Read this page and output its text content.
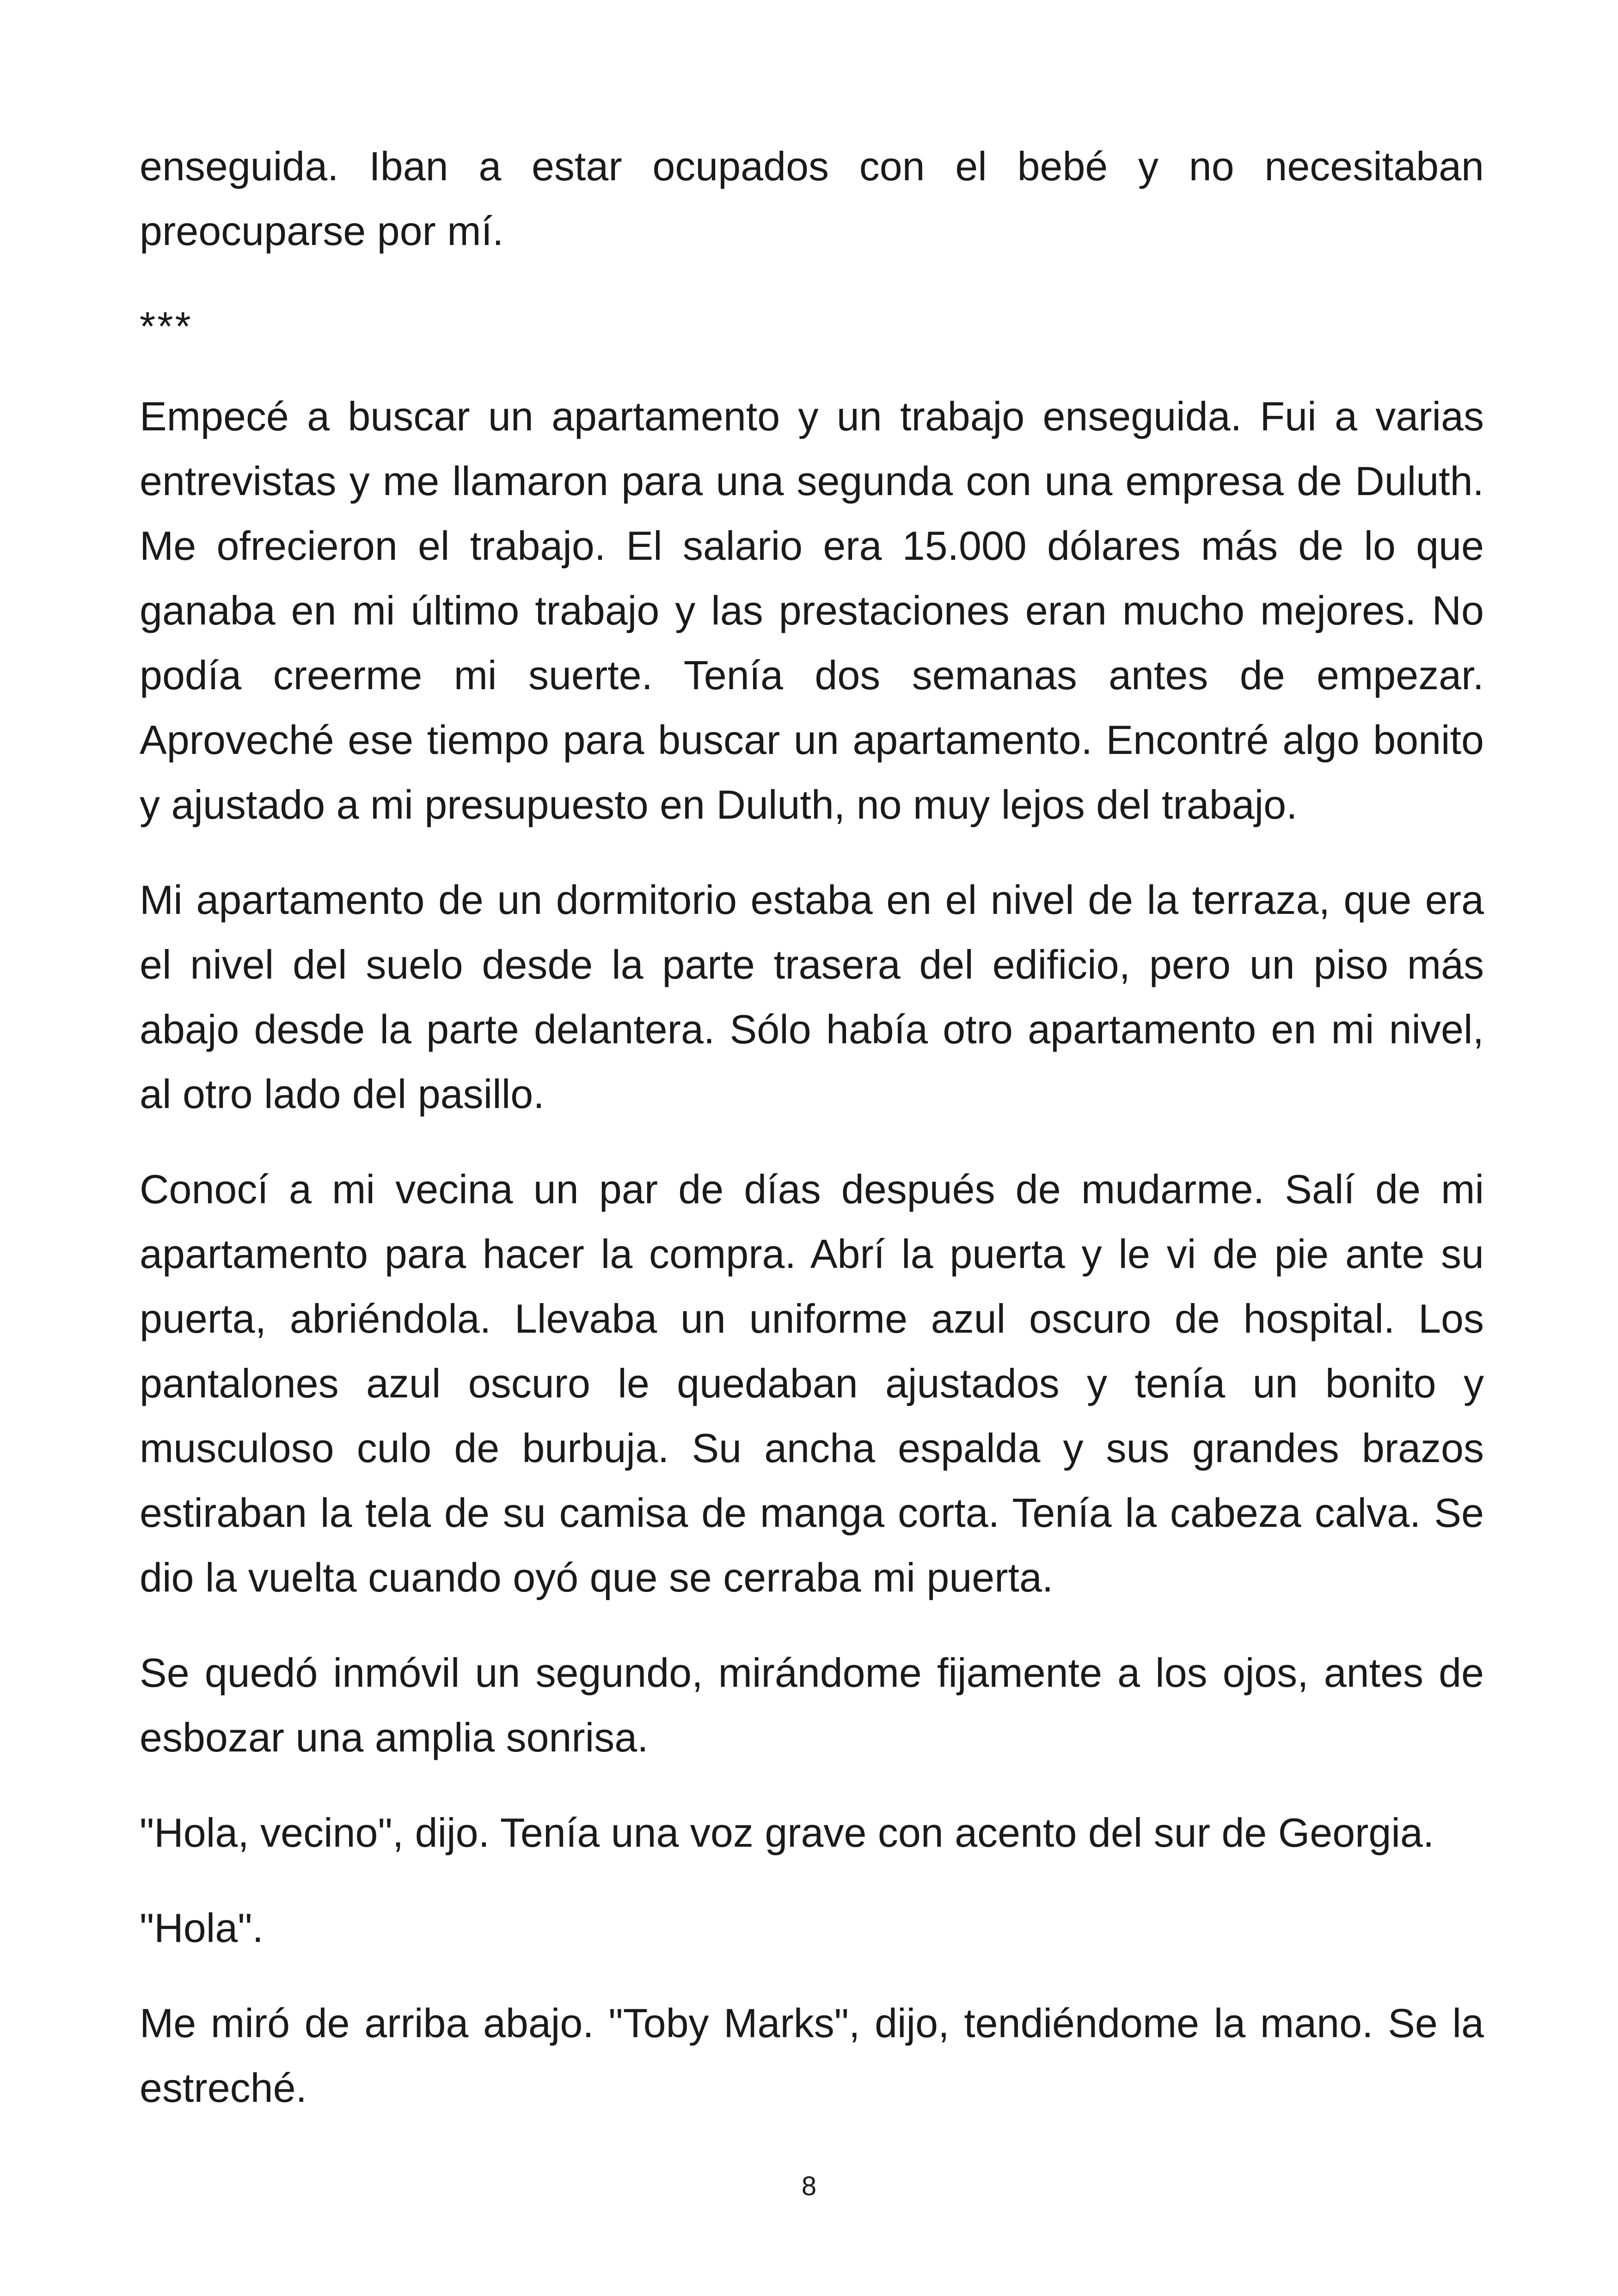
enseguida. Iban a estar ocupados con el bebé y no necesitaban preocuparse por mí.

***

Empecé a buscar un apartamento y un trabajo enseguida. Fui a varias entrevistas y me llamaron para una segunda con una empresa de Duluth. Me ofrecieron el trabajo. El salario era 15.000 dólares más de lo que ganaba en mi último trabajo y las prestaciones eran mucho mejores. No podía creerme mi suerte. Tenía dos semanas antes de empezar. Aproveché ese tiempo para buscar un apartamento. Encontré algo bonito y ajustado a mi presupuesto en Duluth, no muy lejos del trabajo.

Mi apartamento de un dormitorio estaba en el nivel de la terraza, que era el nivel del suelo desde la parte trasera del edificio, pero un piso más abajo desde la parte delantera. Sólo había otro apartamento en mi nivel, al otro lado del pasillo.

Conocí a mi vecina un par de días después de mudarme. Salí de mi apartamento para hacer la compra. Abrí la puerta y le vi de pie ante su puerta, abriéndola. Llevaba un uniforme azul oscuro de hospital. Los pantalones azul oscuro le quedaban ajustados y tenía un bonito y musculoso culo de burbuja. Su ancha espalda y sus grandes brazos estiraban la tela de su camisa de manga corta. Tenía la cabeza calva. Se dio la vuelta cuando oyó que se cerraba mi puerta.

Se quedó inmóvil un segundo, mirándome fijamente a los ojos, antes de esbozar una amplia sonrisa.

"Hola, vecino", dijo. Tenía una voz grave con acento del sur de Georgia.

"Hola".

Me miró de arriba abajo. "Toby Marks", dijo, tendiéndome la mano. Se la estreché.

8
